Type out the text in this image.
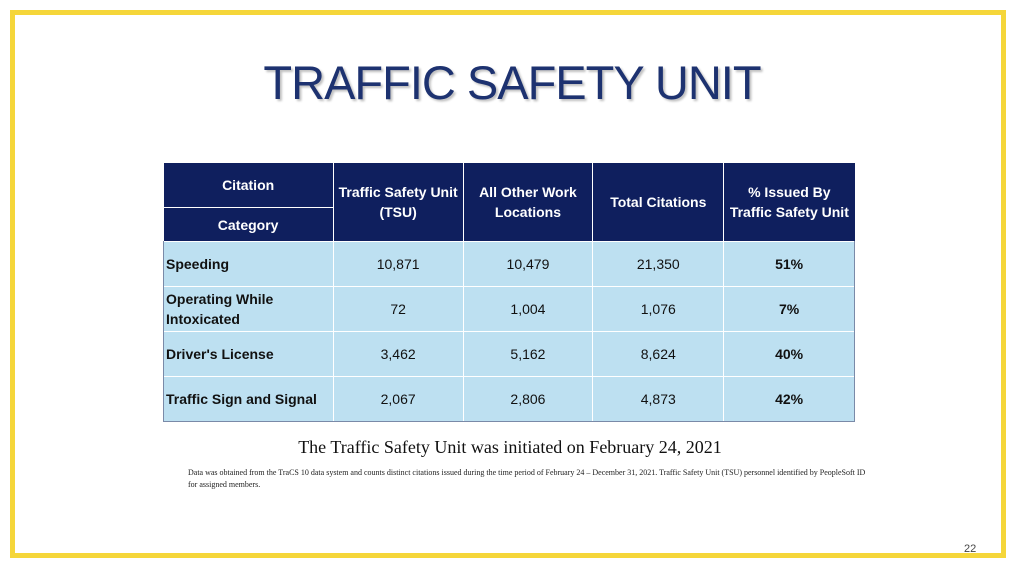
TRAFFIC SAFETY UNIT
Citation	Traffic Safety Unit (TSU)	All Other Work Locations	Total Citations	% Issued By Traffic Safety Unit
Category				
Speeding	10,871	10,479	21,350	51%
Operating While Intoxicated	72	1,004	1,076	7%
Driver's License	3,462	5,162	8,624	40%
Traffic Sign and Signal	2,067	2,806	4,873	42%
The Traffic Safety Unit was initiated on February 24, 2021
Data was obtained from the TraCS 10 data system and counts distinct citations issued during the time period of February 24 – December 31, 2021. Traffic Safety Unit (TSU) personnel identified by PeopleSoft ID for assigned members.
22
